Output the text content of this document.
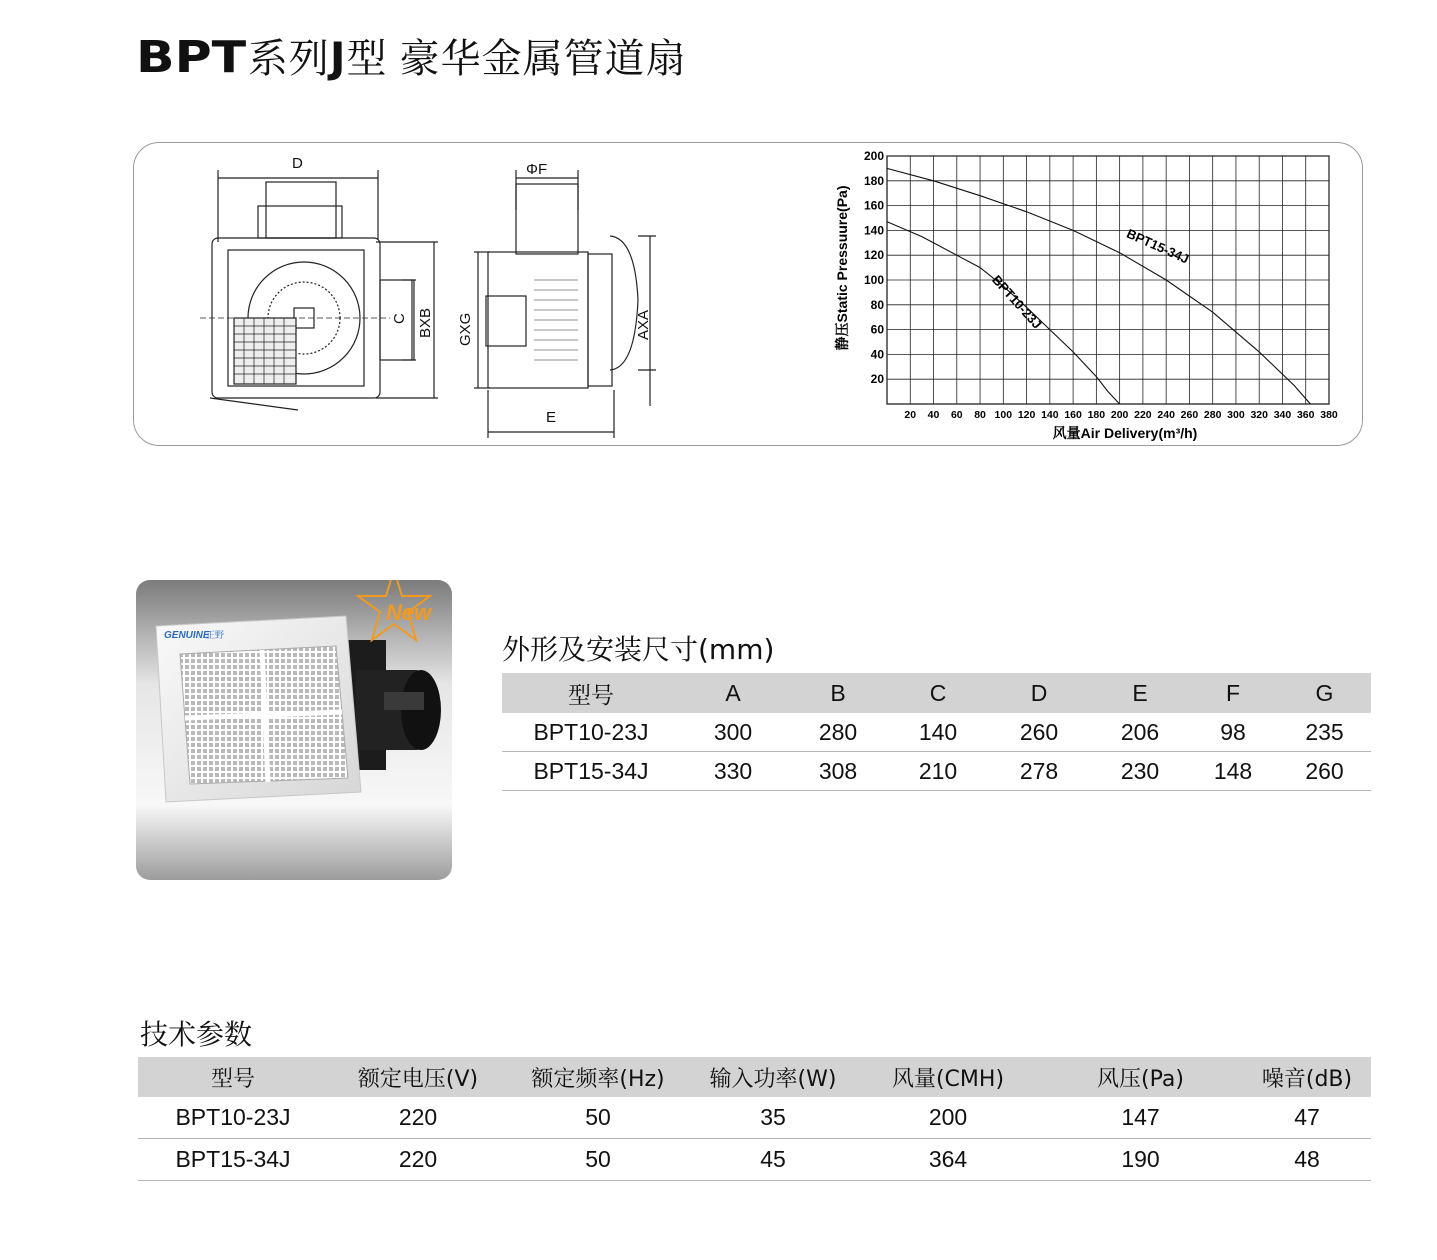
BPT系列J型 豪华金属管道扇
D	ΦF
C BXB GXG	AXA
E	20 40 60 80 100 120 140 160 180 200 220 240 260 280 300 320 340 360 380
20
40
60
80
100
120
140
160
180
200
BPT15-34J
BPT10-23J
风量Air Delivery(m³/h)
静压Static Pressuure(Pa)
GENUINE
正野
New
外形及安装尺寸(mm)
型号	A	B	C	D	E	F	G
BPT10-23J	300	280	140	260	206	98	235
BPT15-34J	330	308	210	278	230	148	260
技术参数
型号	额定电压(V)	额定频率(Hz)	输入功率(W)	风量(CMH)	风压(Pa)	噪音(dB)
BPT10-23J	220	50	35	200	147	47
BPT15-34J	220	50	45	364	190	48
